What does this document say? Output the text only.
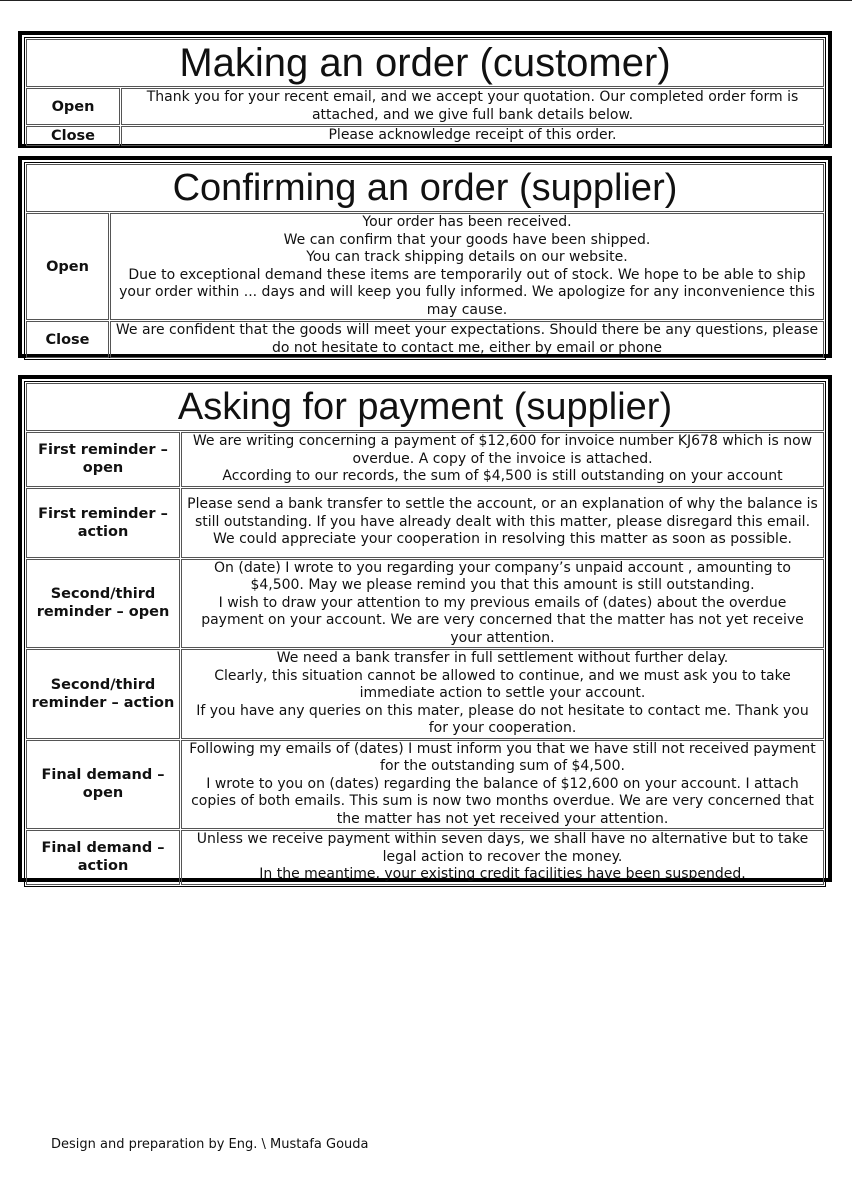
Making an order (customer)	
Open	Thank you for your recent email, and we accept your quotation. Our completed order form is attached, and we give full bank details below.

Close	Please acknowledge receipt of this order.
Confirming an order (supplier)	
Open	Your order has been received.
We can confirm that your goods have been shipped.
You can track shipping details on our website.
Due to exceptional demand these items are temporarily out of stock. We hope to be able to ship your order within ... days and will keep you fully informed. We apologize for any inconvenience this may cause.

Close	We are confident that the goods will meet your expectations. Should there be any questions, please do not hesitate to contact me, either by email or phone
Asking for payment (supplier)	
First reminder – open	We are writing concerning a payment of $12,600 for invoice number KJ678 which is now overdue. A copy of the invoice is attached.
According to our records, the sum of $4,500 is still outstanding on your account

First reminder – action	Please send a bank transfer to settle the account, or an explanation of why the balance is still outstanding. If you have already dealt with this matter, please disregard this email.
We could appreciate your cooperation in resolving this matter as soon as possible.

Second/third reminder – open	On (date) I wrote to you regarding your company’s unpaid account , amounting to $4,500. May we please remind you that this amount is still outstanding.
I wish to draw your attention to my previous emails of (dates) about the overdue payment on your account. We are very concerned that the matter has not yet receive your attention.

Second/third reminder – action	We need a bank transfer in full settlement without further delay.
Clearly, this situation cannot be allowed to continue, and we must ask you to take immediate action to settle your account.
If you have any queries on this mater, please do not hesitate to contact me. Thank you for your cooperation.

Final demand – open	Following my emails of (dates) I must inform you that we have still not received payment for the outstanding sum of $4,500.
I wrote to you on (dates) regarding the balance of $12,600 on your account. I attach copies of both emails. This sum is now two months overdue. We are very concerned that the matter has not yet received your attention.

Final demand – action	Unless we receive payment within seven days, we shall have no alternative but to take legal action to recover the money.
In the meantime, your existing credit facilities have been suspended.
Design and preparation by Eng. \ Mustafa Gouda
